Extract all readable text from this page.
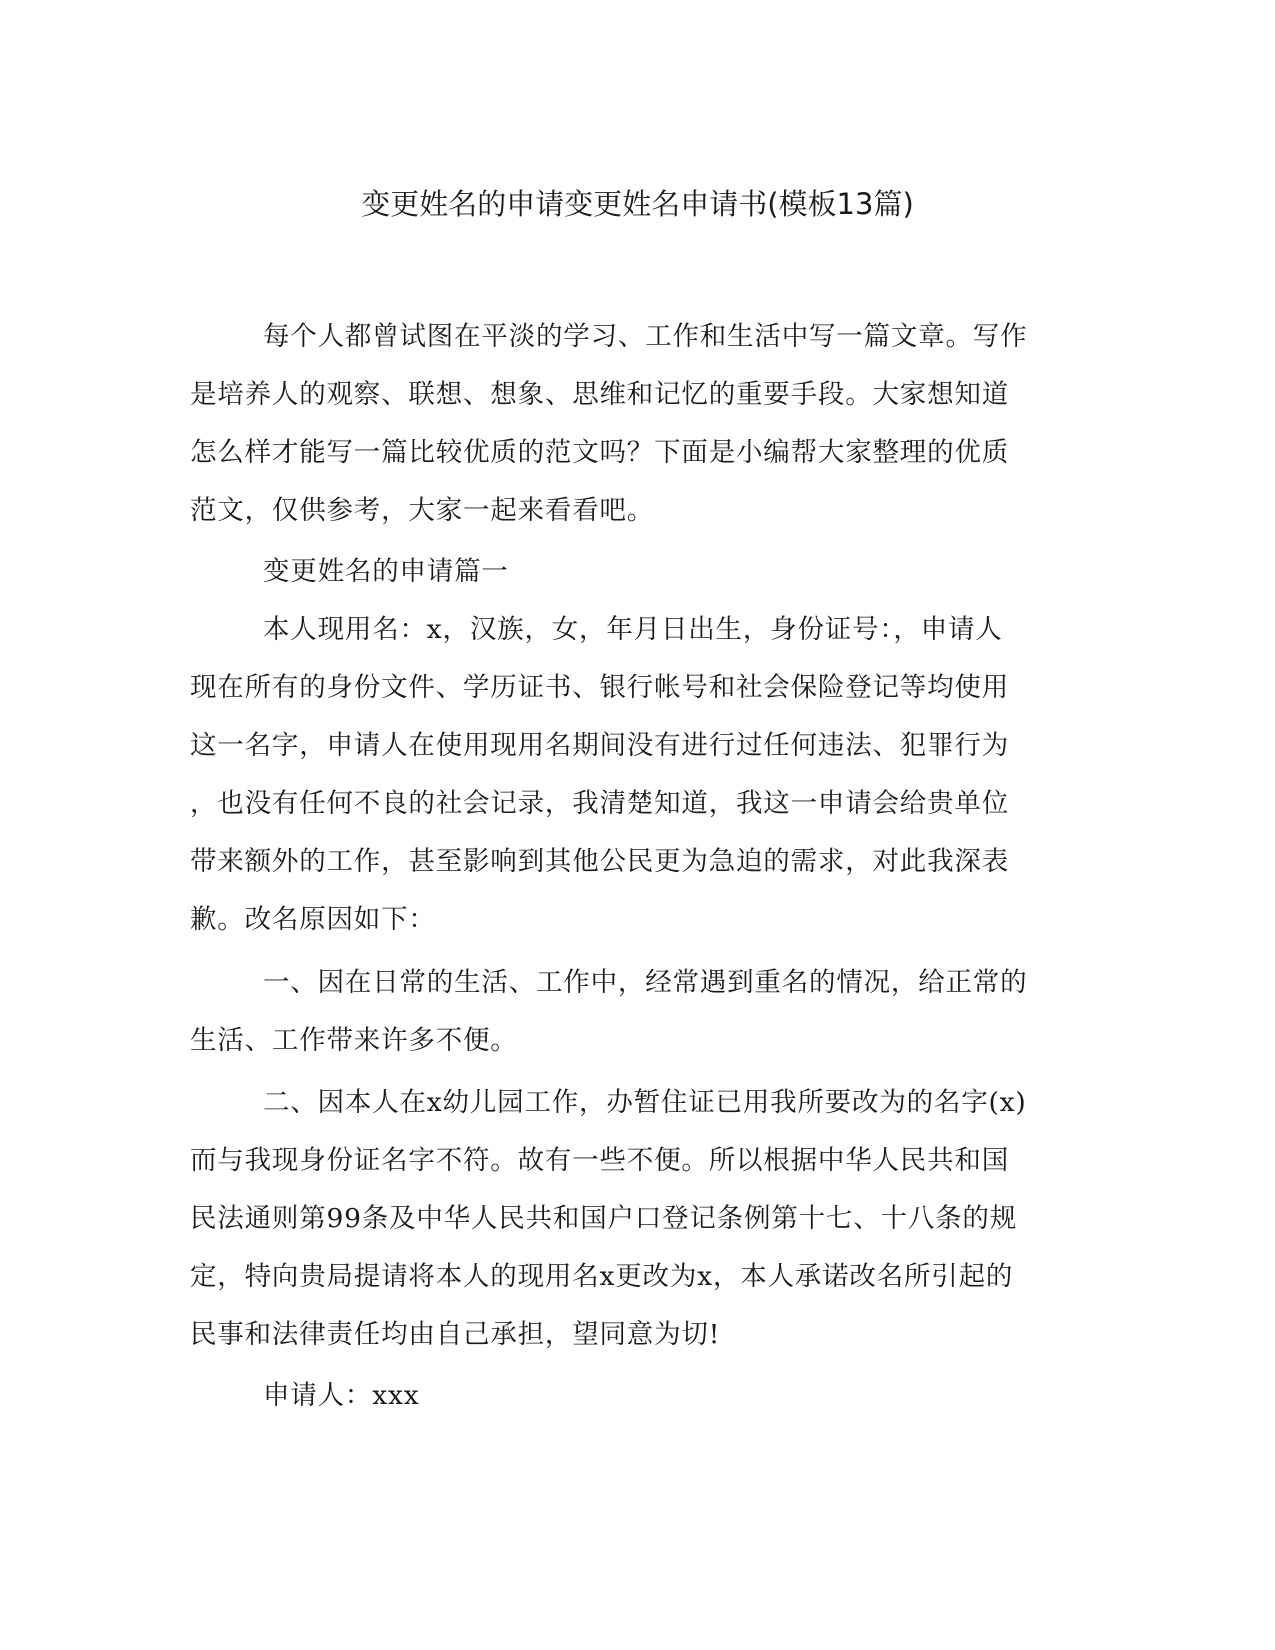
变更姓名的申请变更姓名申请书(模板13篇)
每个人都曾试图在平淡的学习、工作和生活中写一篇文章。写作
是培养人的观察、联想、想象、思维和记忆的重要手段。大家想知道
怎么样才能写一篇比较优质的范文吗？下面是小编帮大家整理的优质
范文，仅供参考，大家一起来看看吧。
变更姓名的申请篇一
本人现用名：x，汉族，女，年月日出生，身份证号：，申请人
现在所有的身份文件、学历证书、银行帐号和社会保险登记等均使用
这一名字，申请人在使用现用名期间没有进行过任何违法、犯罪行为
，也没有任何不良的社会记录，我清楚知道，我这一申请会给贵单位
带来额外的工作，甚至影响到其他公民更为急迫的需求，对此我深表
歉。改名原因如下：
一、因在日常的生活、工作中，经常遇到重名的情况，给正常的
生活、工作带来许多不便。
二、因本人在x幼儿园工作，办暂住证已用我所要改为的名字(x)
而与我现身份证名字不符。故有一些不便。所以根据中华人民共和国
民法通则第99条及中华人民共和国户口登记条例第十七、十八条的规
定，特向贵局提请将本人的现用名x更改为x，本人承诺改名所引起的
民事和法律责任均由自己承担，望同意为切!
申请人：xxx
